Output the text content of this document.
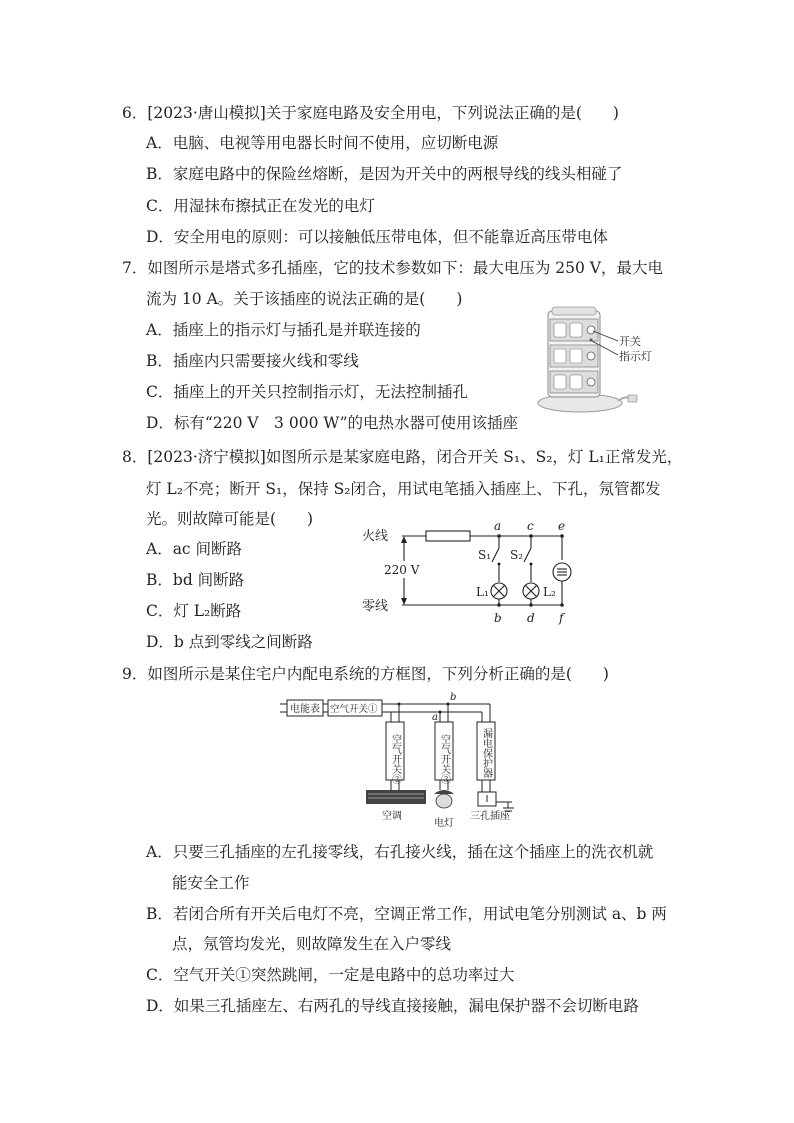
6．[2023·唐山模拟]关于家庭电路及安全用电，下列说法正确的是(　　)
A．电脑、电视等用电器长时间不使用，应切断电源
B．家庭电路中的保险丝熔断，是因为开关中的两根导线的线头相碰了
C．用湿抹布擦拭正在发光的电灯
D．安全用电的原则：可以接触低压带电体，但不能靠近高压带电体
7．如图所示是塔式多孔插座，它的技术参数如下：最大电压为 250 V，最大电
流为 10 A。关于该插座的说法正确的是(　　)
A．插座上的指示灯与插孔是并联连接的
B．插座内只需要接火线和零线
C．插座上的开关只控制指示灯，无法控制插孔
D．标有“220 V　3 000 W”的电热水器可使用该插座
开关
指示灯
8．[2023·济宁模拟]如图所示是某家庭电路，闭合开关 S₁、S₂，灯 L₁正常发光，
灯 L₂不亮；断开 S₁，保持 S₂闭合，用试电笔插入插座上、下孔，氖管都发
光。则故障可能是(　　)
A．ac 间断路
B．bd 间断路
C．灯 L₂断路
D．b 点到零线之间断路
火线
零线
220 V
a c e
b d f
S₁ S₂
L₁	L₂
9．如图所示是某住宅户内配电系统的方框图，下列分析正确的是(　　)
电能表 空气开关①
空气开关②	空气开关③	漏电保护器
空调
电灯
三孔插座
a
b
A．只要三孔插座的左孔接零线，右孔接火线，插在这个插座上的洗衣机就
能安全工作
B．若闭合所有开关后电灯不亮，空调正常工作，用试电笔分别测试 a、b 两
点，氖管均发光，则故障发生在入户零线
C．空气开关①突然跳闸，一定是电路中的总功率过大
D．如果三孔插座左、右两孔的导线直接接触，漏电保护器不会切断电路
